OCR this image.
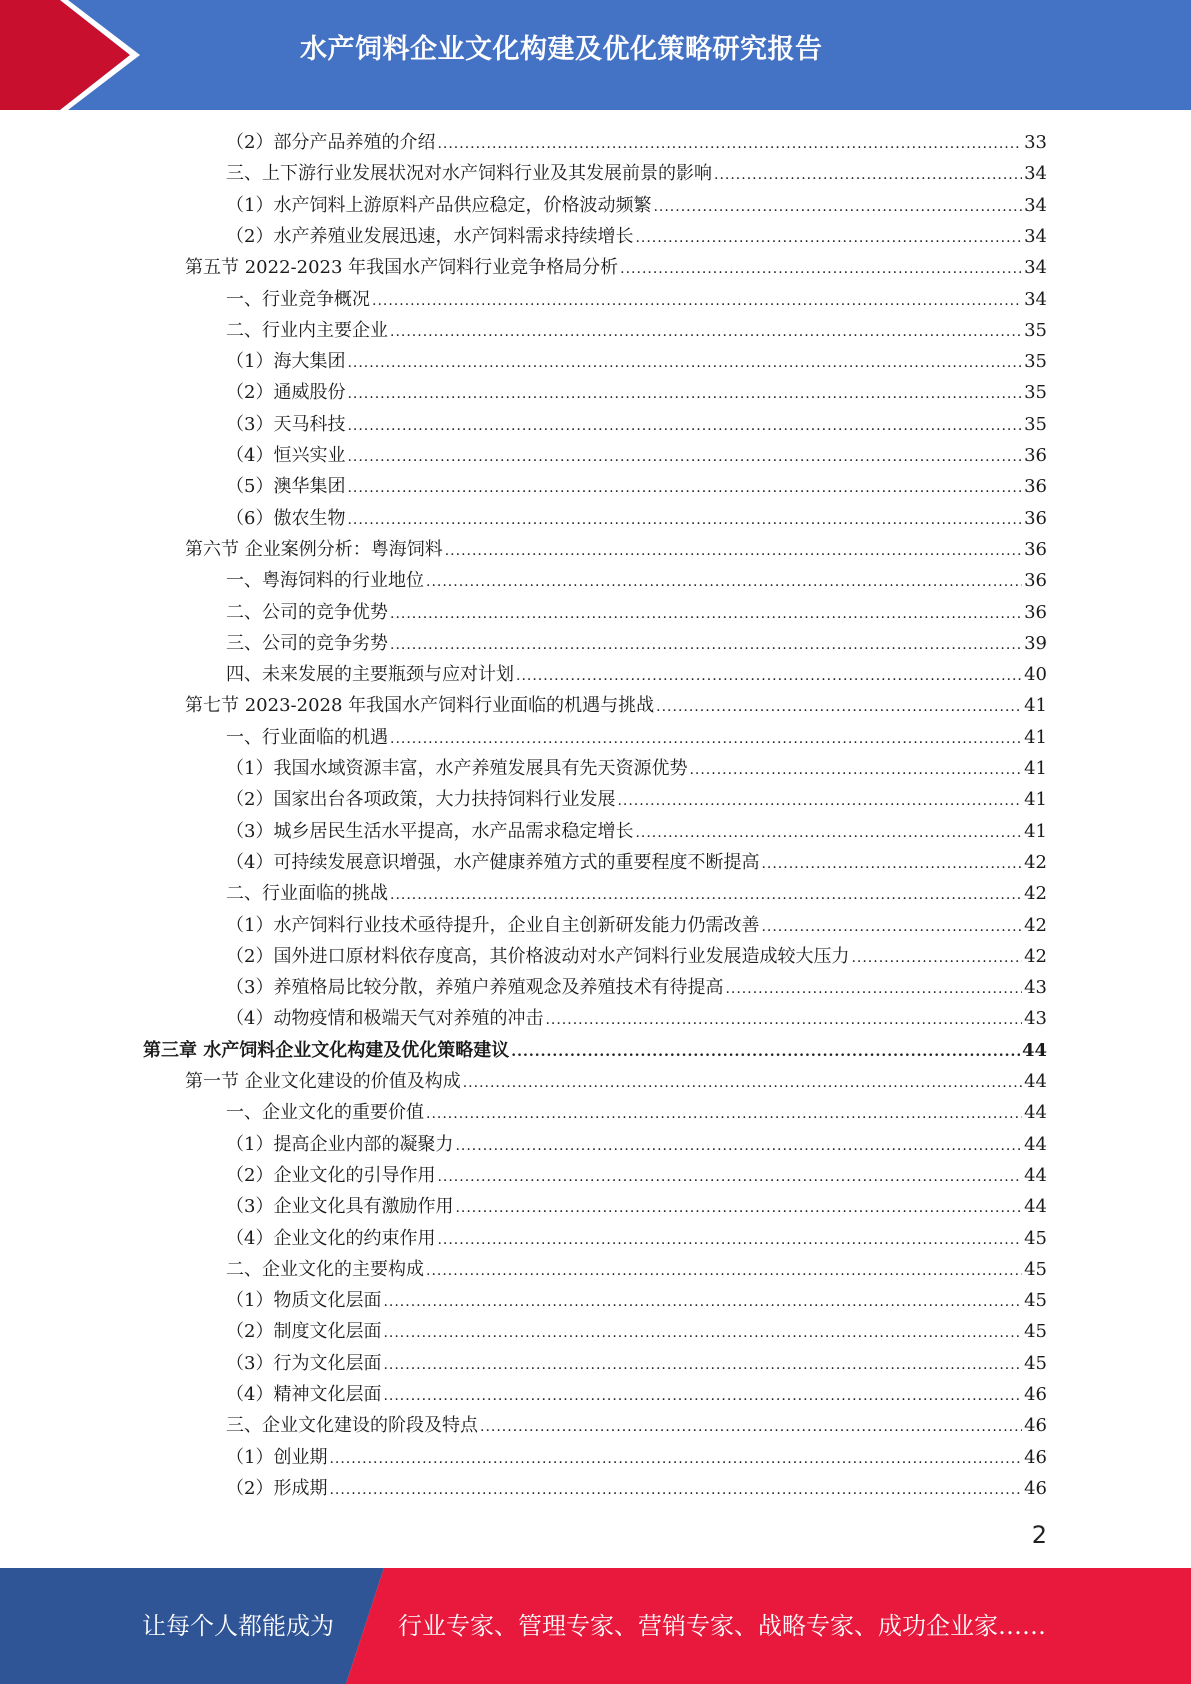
水产饲料企业文化构建及优化策略研究报告
（2）部分产品养殖的介绍 .....	33
三、上下游行业发展状况对水产饲料行业及其发展前景的影响 .....	34
（1）水产饲料上游原料产品供应稳定，价格波动频繁 .....	34
（2）水产养殖业发展迅速，水产饲料需求持续增长 .....	34
第五节 2022-2023 年我国水产饲料行业竞争格局分析 .....	34
一、行业竞争概况 .....	34
二、行业内主要企业 .....	35
（1）海大集团 .....	35
（2）通威股份 .....	35
（3）天马科技 .....	35
（4）恒兴实业 .....	36
（5）澳华集团 .....	36
（6）傲农生物 .....	36
第六节 企业案例分析：粤海饲料 .....	36
一、粤海饲料的行业地位 .....	36
二、公司的竞争优势 .....	36
三、公司的竞争劣势 .....	39
四、未来发展的主要瓶颈与应对计划 .....	40
第七节 2023-2028 年我国水产饲料行业面临的机遇与挑战 .....	41
一、行业面临的机遇 .....	41
（1）我国水域资源丰富，水产养殖发展具有先天资源优势 .....	41
（2）国家出台各项政策，大力扶持饲料行业发展 .....	41
（3）城乡居民生活水平提高，水产品需求稳定增长 .....	41
（4）可持续发展意识增强，水产健康养殖方式的重要程度不断提高 .....	42
二、行业面临的挑战 .....	42
（1）水产饲料行业技术亟待提升，企业自主创新研发能力仍需改善 .....	42
（2）国外进口原材料依存度高，其价格波动对水产饲料行业发展造成较大压力 .....	42
（3）养殖格局比较分散，养殖户养殖观念及养殖技术有待提高 .....	43
（4）动物疫情和极端天气对养殖的冲击 .....	43
第三章 水产饲料企业文化构建及优化策略建议 .....	44
第一节 企业文化建设的价值及构成 .....	44
一、企业文化的重要价值 .....	44
（1）提高企业内部的凝聚力 .....	44
（2）企业文化的引导作用 .....	44
（3）企业文化具有激励作用 .....	44
（4）企业文化的约束作用 .....	45
二、企业文化的主要构成 .....	45
（1）物质文化层面 .....	45
（2）制度文化层面 .....	45
（3）行为文化层面 .....	45
（4）精神文化层面 .....	46
三、企业文化建设的阶段及特点 .....	46
（1）创业期 .....	46
（2）形成期 .....	46
2
让每个人都能成为	行业专家、管理专家、营销专家、战略专家、成功企业家……
